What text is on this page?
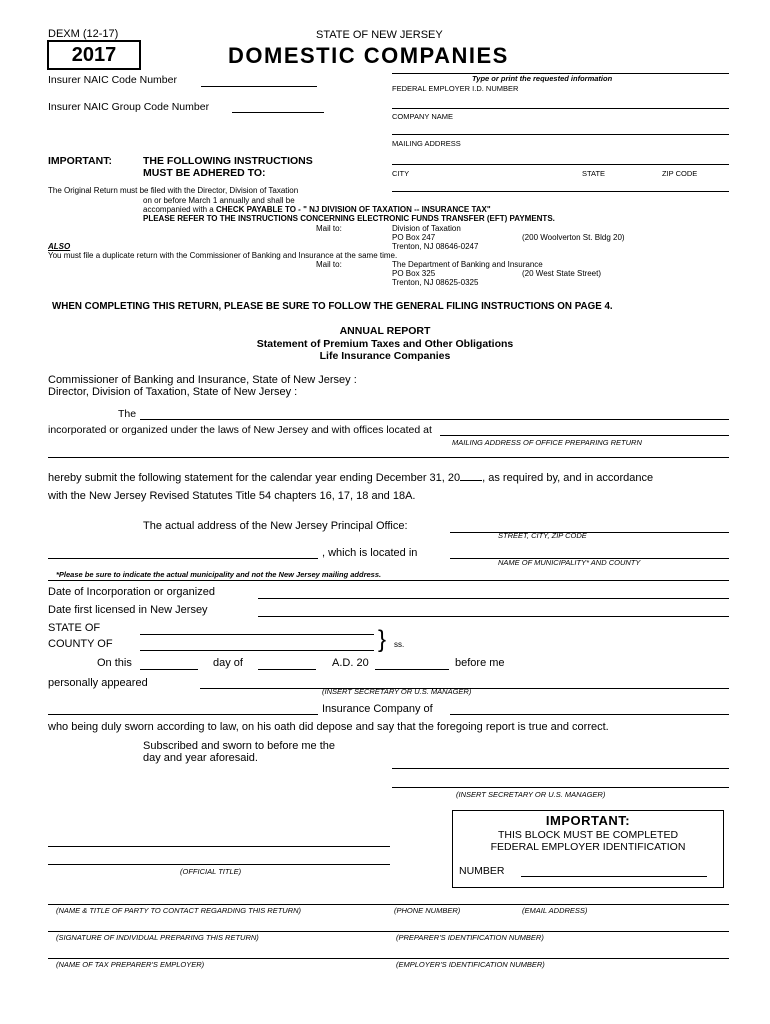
DEXM (12-17)
2017
STATE OF NEW JERSEY
DOMESTIC COMPANIES
Insurer NAIC Code Number
Insurer NAIC Group Code Number
Type or print the requested information
FEDERAL EMPLOYER I.D. NUMBER
COMPANY NAME
MAILING ADDRESS
CITY	STATE	ZIP CODE
IMPORTANT:	THE FOLLOWING INSTRUCTIONS
MUST BE ADHERED TO:
The Original Return must be filed with the Director, Division of Taxation
on or before March 1 annually and shall be
accompanied with a CHECK PAYABLE TO - " NJ DIVISION OF TAXATION -- INSURANCE TAX"
PLEASE REFER TO THE INSTRUCTIONS CONCERNING ELECTRONIC FUNDS TRANSFER (EFT) PAYMENTS.
Mail to:	Division of Taxation
PO Box 247	(200 Woolverton St. Bldg 20)
Trenton, NJ 08646-0247
ALSO
You must file a duplicate return with the Commissioner of Banking and Insurance at the same time.
Mail to:	The Department of Banking and Insurance
PO Box 325	(20 West State Street)
Trenton, NJ 08625-0325
WHEN COMPLETING THIS RETURN, PLEASE BE SURE TO FOLLOW THE GENERAL FILING INSTRUCTIONS ON PAGE 4.
ANNUAL REPORT
Statement of Premium Taxes and Other Obligations
Life Insurance Companies
Commissioner of Banking and Insurance, State of New Jersey :
Director, Division of Taxation, State of New Jersey :
The
incorporated or organized under the laws of New Jersey and with offices located at
MAILING ADDRESS OF OFFICE PREPARING RETURN
hereby submit the following statement for the calendar year ending December 31, 20 , as required by, and in accordance
with the New Jersey Revised Statutes Title 54 chapters 16, 17, 18 and 18A.
The actual address of the New Jersey Principal Office:
STREET, CITY, ZIP CODE
, which is located in
NAME OF MUNICIPALITY* AND COUNTY
*Please be sure to indicate the actual municipality and not the New Jersey mailing address.
Date of Incorporation or organized
Date first licensed in New Jersey
STATE OF
COUNTY OF	} ss.
On this	day of	A.D. 20	before me
personally appeared
(INSERT SECRETARY OR U.S. MANAGER)
Insurance Company of
who being duly sworn according to law, on his oath did depose and say that the foregoing report is true and correct.
Subscribed and sworn to before me the
day and year aforesaid.
(INSERT SECRETARY OR U.S. MANAGER)
(OFFICIAL TITLE)
IMPORTANT:
THIS BLOCK MUST BE COMPLETED
FEDERAL EMPLOYER IDENTIFICATION
NUMBER
(NAME & TITLE OF PARTY TO CONTACT REGARDING THIS RETURN)	(PHONE NUMBER)	(EMAIL ADDRESS)
(SIGNATURE OF INDIVIDUAL PREPARING THIS RETURN)	(PREPARER'S IDENTIFICATION NUMBER)
(NAME OF TAX PREPARER'S EMPLOYER)	(EMPLOYER'S IDENTIFICATION NUMBER)
